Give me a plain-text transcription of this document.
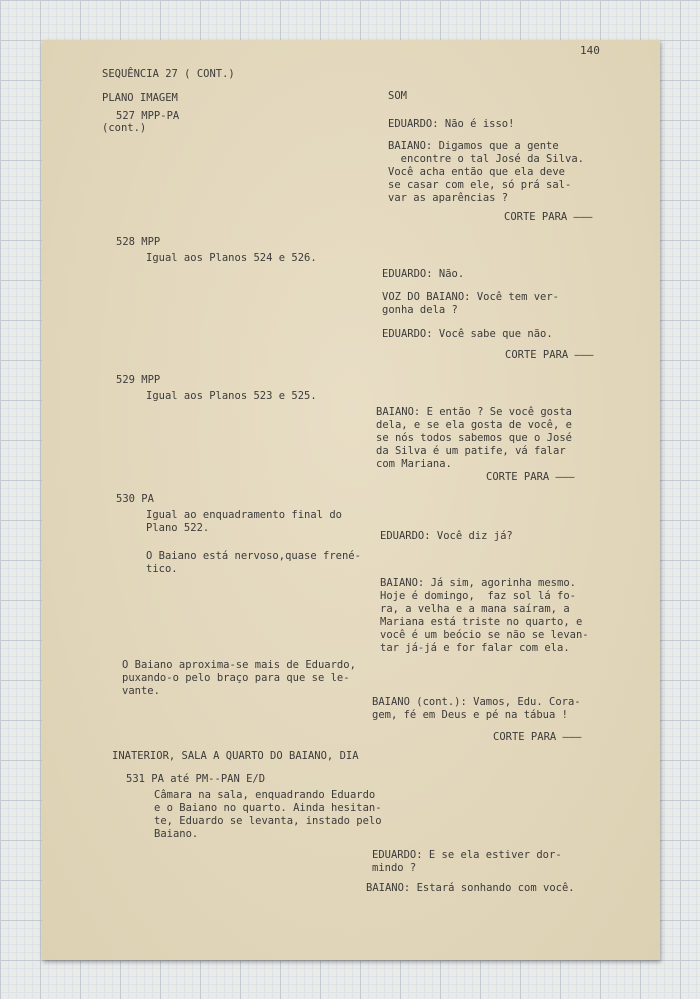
140
SEQUÊNCIA 27 ( CONT.)
PLANO IMAGEM	SOM
527 MPP-PA
(cont.)	EDUARDO: Não é isso!
BAIANO: Digamos que a gente
encontre o tal José da Silva.
Você acha então que ela deve
se casar com ele, só prá sal-
var as aparências ?
CORTE PARA ———
528 MPP
Igual aos Planos 524 e 526.
EDUARDO: Não.
VOZ DO BAIANO: Você tem ver-
gonha dela ?
EDUARDO: Você sabe que não.
CORTE PARA ———
529 MPP
Igual aos Planos 523 e 525.
BAIANO: E então ? Se você gosta
dela, e se ela gosta de você, e
se nós todos sabemos que o José
da Silva é um patife, vá falar
com Mariana.
CORTE PARA ———
530 PA
Igual ao enquadramento final do
Plano 522.
EDUARDO: Você diz já?
O Baiano está nervoso,quase frené-
tico.
BAIANO: Já sim, agorinha mesmo.
Hoje é domingo,  faz sol lá fo-
ra, a velha e a mana saíram, a
Mariana está triste no quarto, e
você é um beócio se não se levan-
tar já-já e for falar com ela.
O Baiano aproxima-se mais de Eduardo,
puxando-o pelo braço para que se le-
vante.
BAIANO (cont.): Vamos, Edu. Cora-
gem, fé em Deus e pé na tábua !
CORTE PARA ———
INATERIOR, SALA A QUARTO DO BAIANO, DIA
531 PA até PM--PAN E/D
Câmara na sala, enquadrando Eduardo
e o Baiano no quarto. Ainda hesitan-
te, Eduardo se levanta, instado pelo
Baiano.
EDUARDO: E se ela estiver dor-
mindo ?
BAIANO: Estará sonhando com você.
